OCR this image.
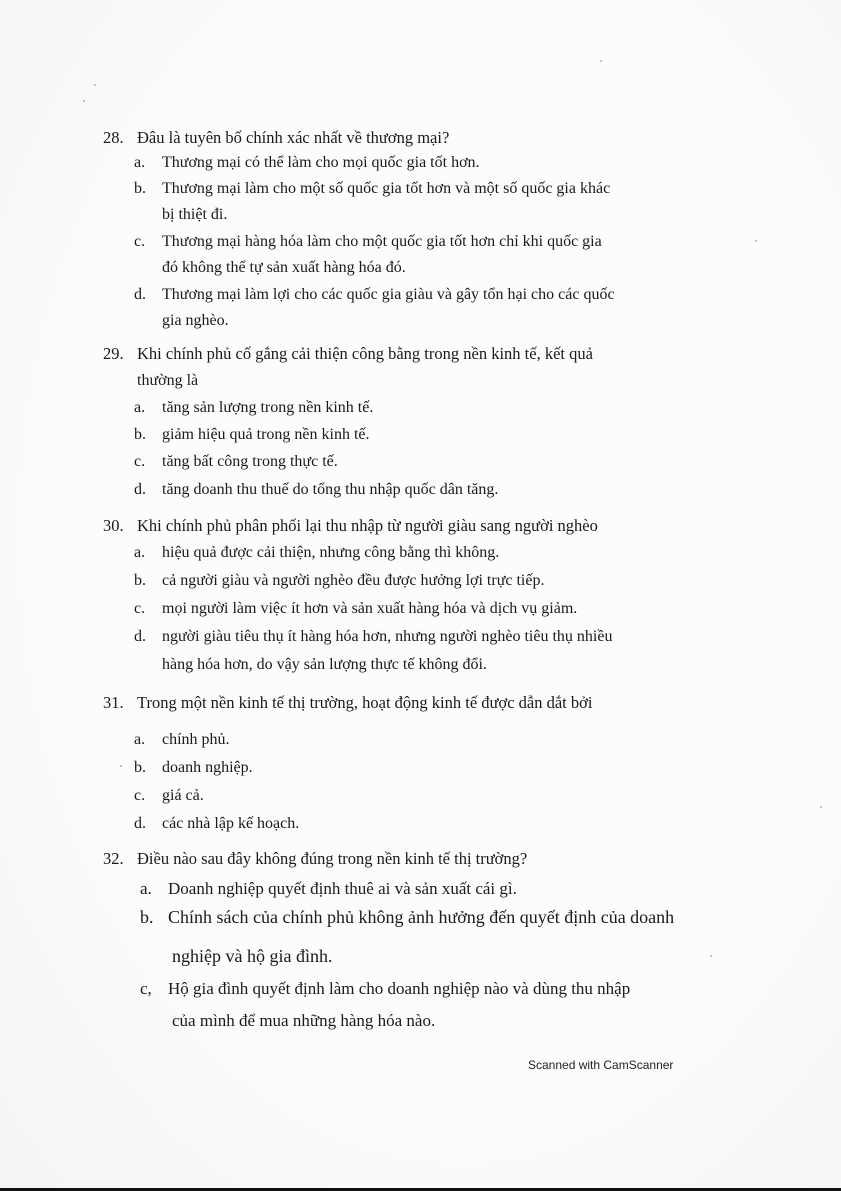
28. Đâu là tuyên bố chính xác nhất về thương mại?
a. Thương mại có thể làm cho mọi quốc gia tốt hơn.
b. Thương mại làm cho một số quốc gia tốt hơn và một số quốc gia khác
bị thiệt đi.
c. Thương mại hàng hóa làm cho một quốc gia tốt hơn chỉ khi quốc gia
đó không thể tự sản xuất hàng hóa đó.
d. Thương mại làm lợi cho các quốc gia giàu và gây tổn hại cho các quốc
gia nghèo.
29. Khi chính phủ cố gắng cải thiện công bằng trong nền kinh tế, kết quả
thường là
a. tăng sản lượng trong nền kinh tế.
b. giảm hiệu quả trong nền kinh tế.
c. tăng bất công trong thực tế.
d. tăng doanh thu thuế do tổng thu nhập quốc dân tăng.
30. Khi chính phủ phân phối lại thu nhập từ người giàu sang người nghèo
a. hiệu quả được cải thiện, nhưng công bằng thì không.
b. cả người giàu và người nghèo đều được hưởng lợi trực tiếp.
c. mọi người làm việc ít hơn và sản xuất hàng hóa và dịch vụ giảm.
d. người giàu tiêu thụ ít hàng hóa hơn, nhưng người nghèo tiêu thụ nhiều
hàng hóa hơn, do vậy sản lượng thực tế không đổi.
31. Trong một nền kinh tế thị trường, hoạt động kinh tế được dẫn dắt bởi
a. chính phủ.
b. doanh nghiệp.
c. giá cả.
d. các nhà lập kế hoạch.
32. Điều nào sau đây không đúng trong nền kinh tế thị trường?
a. Doanh nghiệp quyết định thuê ai và sản xuất cái gì.
b. Chính sách của chính phủ không ảnh hưởng đến quyết định của doanh
nghiệp và hộ gia đình.
c, Hộ gia đình quyết định làm cho doanh nghiệp nào và dùng thu nhập
của mình để mua những hàng hóa nào.
Scanned with CamScanner
